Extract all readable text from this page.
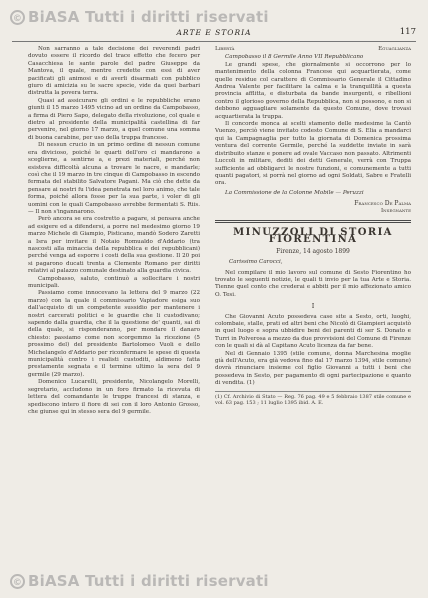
© BiASA Tutti i diritti riservati
ARTE E STORIA	117

Non sarranno a tale decisione dei reverendi padri dovuto essere il ricordo del trace effetto che fecero per Casacchiesa le sante parole del padre Giuseppe da Mantova, il quale, mentre credette con essi di aver pacificati gli animosi e di averli disarmati con pubblico giuro di amicizia su le sacre specie, vide da quei barbari distrutta la povera terra.

Quasi ad assicurare gli ordini e le repubbliche erano giunti il 15 marzo 1495 vicino ad un ordine da Campobasso, a firma di Piero Sapo, delegato della rivoluzione, col quale e dietro al presidente della municipalità castellina di far pervenire, nel giorno 17 marzo, a quel comune una somma di buona carabine, per uso della truppa francese.

Di nessun crucio in un primo ordine di nessun comune era divicioso, poiché le quarti dell'oro ci mandarono a sceglierne, a sentirne a, e prezi materiali, perché non esisteva difficoltà alcuna a trovare le nacre, e mandarle; così che il 19 marzo in tre cinque di Campobasso in escendo fermata del stabilito Salvatore Pagani. Ma ciò che dette da pensare ai nostri fu l'idea penetrata nel loro animo, che tale forma, poiché allora fosse per la sua parte, i voler di gli uomini con le quali Campobasso avrebbe fermentati S. Riis. — Il non s'ingannarono.

Però ancora se era costretto a pagare, si pensava anche ad esigere ed a difendersi, a porre nel medesimo giorno 19 marzo Michele di Giampio, Pisticano, mandò Sodero Zaretti a Isra per invitare il Notaio Romualdo d'Addario (tra nascosti alla minaccia della repubblica e dei repubblicani) perché venga ad esporre i costi della sua gestione. Il 20 poi si pagarono ducati trenta a Clemente Romano per diritti relativi al palazzo comunale destinato alla guardia civica.

Campobasso, saluto, continuò a sollecitare i nostri municipali.

Passiamo come innocevano la lettera del 9 marzo (22 marzo) con la quale il commissario Vapiadore esiga suo dall'acquisto di un competente sussidio per mantenere i nostri carcerati politici e le guardie che li custodivano; sapendo dalla guardia, che il la questione de' quanti, sai di della quale, si risponderanno, per mondare il danaro chiesto: passiamo come non scorgemmo la ricezione (5 prossimo del) del presidente Bartolomeo Vuoli e dello Michelangelo d'Addario per riconfermare le spese di questa municipalità contro i realisti custoditi, aldimeno fatta prestamente segnata e il termine ultimo la sera del 9 germile (29 marzo).

Domenico Lucarelli, presidente, Nicolangelo Morelli, segretario, accludono in un foro firmato la ricevuta di lettera del comandante le truppe francesi di stanza, e spediscono intero il fiore di sei con il loro Antonio Grosso, che giunse qui in stesso sera del 9 germile.

Libertà	Eguaglianza

Campobasso il 8 Germile Anno VII Repubblicano

Le grandi spese, che giornalmente si occorrono per lo mantenimento della colonna Francese qui acquartierata, come quelle residue col carattere di Commissario Generale il Cittadino Andrea Valente per facilitare la calma e la tranquillità a questa provincia afflitta, e disturbata da bande insurgenti, e ribellioni contro il glorioso governo della Repubblica, non si possono, e non si debbono agguagliare solamente da questo Comune, dove trovasi acquartierata la truppa.

Il concorde monca ai scelti stamento delle medesime la Cantò Vuenzo, perciò viene invitato codesto Comune di S. Elia a mandarci qui la Campagnaglia per tutto la giornata di Domenica prossima ventura del corrente Germile, perché la suddette inviate in sarà distribuito stanze e ponere ad ovale Vaccaso non passato. Altrimenti Luccoli in militare, dediti dei detti Generale, verrà con Truppa sufficiente ad obbligarci le nostre funzioni, e comunemente a tutti quanti pagatori, si porrà nel giorno ad ogni Soldati, Sabre e Fratelli ora.

La Commissione de la Colonne Mobile — Peruzzi

Francesco De Palma
Insegnante
MINUZZOLI DI STORIA FIORENTINA
Firenze, 14 agosto 1899
Carissimo Carocci,

Nel compilare il mio lavoro sul comune di Sesto Fiorentino ho trovato le seguenti notizie, le quali ti invio per la tua Arte e Storia. Tienne quel conto che crederai e abbiti per il mio affezionato amico O. Tesi.

I

Che Giovanni Acuto possedeva case site a Sesto, orti, luoghi, colombaie, stalle, prati ed altri beni che Nicolò di Giampieri acquistò in quel luogo e sopra ubbidire beni dei parenti di ser S. Donato e Turri in Polverosa a mezzo da due provvisioni del Comune di Firenze con le quali si dà al Capitano Acuto licenza da far bene.

Nel di Gennaio 1395 (stile comune, donna Marchesina moglie già dell'Acuto, era già vedova fino dal 17 marzo 1394, stile comune) dovrà rinunciare insieme col figlio Giovanni a tutti i beni che possedeva in Sesto, per pagamento di ogni partecipazione e quanto di vendita. (1)

(1) Cf. Archivio di Stato — Reg. 76 pag. 49 e 5 febbraio 1387 stile comune e vol. 63 pag. 153 ; 11 luglio 1395 ibid. A. E.
© BiASA Tutti i diritti riservati
